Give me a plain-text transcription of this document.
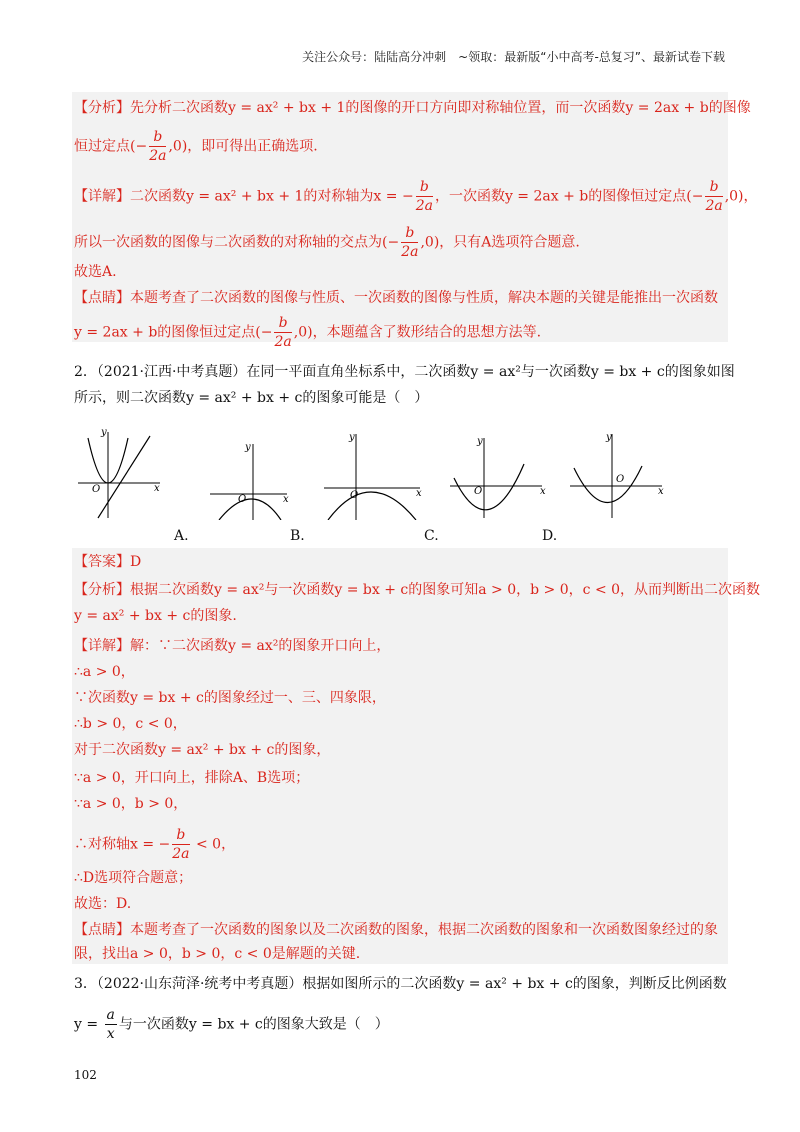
关注公众号：陆陆高分冲刺　~领取：最新版“小中高考-总复习”、最新试卷下载
【分析】先分析二次函数y = ax² + bx + 1的图像的开口方向即对称轴位置，而一次函数y = 2ax + b的图像
恒过定点(− $\frac{b}{2a} ,0$)，即可得出正确选项.
【详解】二次函数y = ax² + bx + 1的对称轴为x = − $\frac{b}{2a}$ ，一次函数y = 2ax + b的图像恒过定点(− $\frac{b}{2a} ,0$)，
所以一次函数的图像与二次函数的对称轴的交点为(− $\frac{b}{2a} ,0$)，只有A选项符合题意.
故选A.
【点睛】本题考查了二次函数的图像与性质、一次函数的图像与性质，解决本题的关键是能推出一次函数
y = 2ax + b的图像恒过定点(− $\frac{b}{2a} ,0$)，本题蕴含了数形结合的思想方法等.
2．（2021·江西·中考真题）在同一平面直角坐标系中，二次函数y = ax²与一次函数y = bx + c的图象如图
所示，则二次函数y = ax² + bx + c的图象可能是（　）
y
x
O
y
x
O
y
x
O
y
x
O
y
x
O
A.	B.	C.	D.
【答案】D
【分析】根据二次函数y = ax²与一次函数y = bx + c的图象可知a > 0，b > 0，c < 0，从而判断出二次函数
y = ax² + bx + c的图象.
【详解】解：∵二次函数y = ax²的图象开口向上，
∴a > 0，
∵次函数y = bx + c的图象经过一、三、四象限，
∴b > 0，c < 0，
对于二次函数y = ax² + bx + c的图象，
∵a > 0，开口向上，排除A、B选项；
∵a > 0，b > 0，
∴对称轴x = − $\frac{b}{2a} < 0$，
∴D选项符合题意；
故选：D.
【点睛】本题考查了一次函数的图象以及二次函数的图象，根据二次函数的图象和一次函数图象经过的象
限，找出a > 0，b > 0，c < 0是解题的关键.
3．（2022·山东菏泽·统考中考真题）根据如图所示的二次函数y = ax² + bx + c的图象，判断反比例函数
$y = \frac{a}{x}$ 与一次函数y = bx + c的图象大致是（　）
102
